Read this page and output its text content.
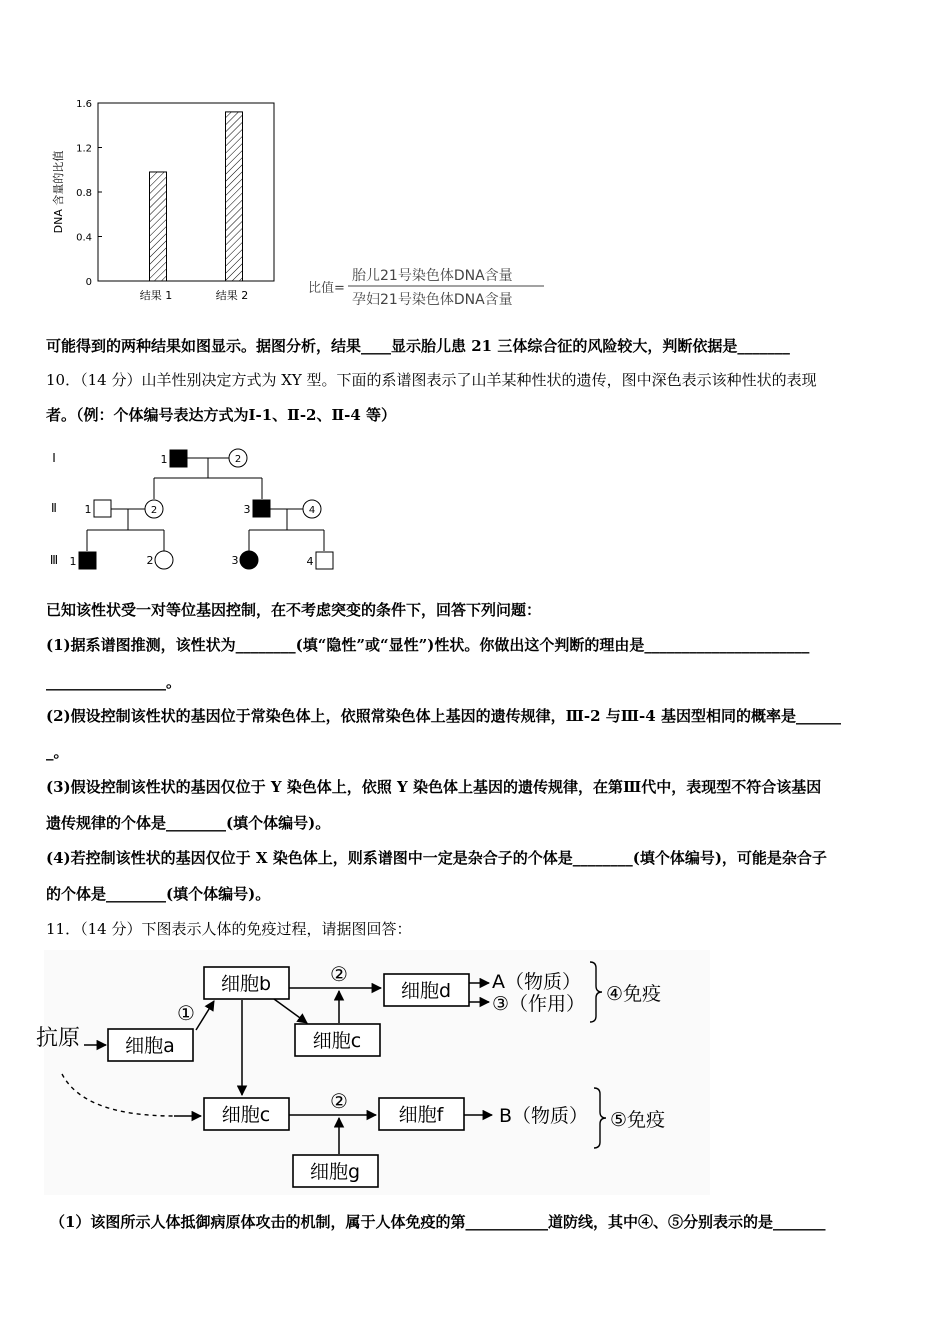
0
0.4
0.8
1.2
1.6
DNA 含量的比值
结果 1	结果 2	比值=
胎儿21号染色体DNA含量
孕妇21号染色体DNA含量
可能得到的两种结果如图显示。据图分析，结果____显示胎儿患 21 三体综合征的风险较大，判断依据是_______
10．（14 分）山羊性别决定方式为 XY 型。下面的系谱图表示了山羊某种性状的遗传，图中深色表示该种性状的表现
者。（例：个体编号表达方式为Ⅰ-1、Ⅱ-2、Ⅱ-4 等）
Ⅰ
Ⅱ
Ⅲ
1	2
1	2	3	4
1	2	3	4
已知该性状受一对等位基因控制，在不考虑突变的条件下，回答下列问题：
(1)据系谱图推测，该性状为________(填“隐性”或“显性”)性状。你做出这个判断的理由是______________________
________________。
(2)假设控制该性状的基因位于常染色体上，依照常染色体上基因的遗传规律，Ⅲ-2 与Ⅲ-4 基因型相同的概率是______
_。
(3)假设控制该性状的基因仅位于 Y 染色体上，依照 Y 染色体上基因的遗传规律，在第Ⅲ代中，表现型不符合该基因
遗传规律的个体是________(填个体编号)。
(4)若控制该性状的基因仅位于 X 染色体上，则系谱图中一定是杂合子的个体是________(填个体编号)，可能是杂合子
的个体是________(填个体编号)。
11．（14 分）下图表示人体的免疫过程，请据图回答：
抗原 细胞a
细胞b
细胞c
细胞d
细胞c	细胞f
细胞g
①
②	A（物质）
③（作用） ④免疫
②
B（物质） ⑤免疫
（1）该图所示人体抵御病原体攻击的机制，属于人体免疫的第___________道防线，其中④、⑤分别表示的是_______
